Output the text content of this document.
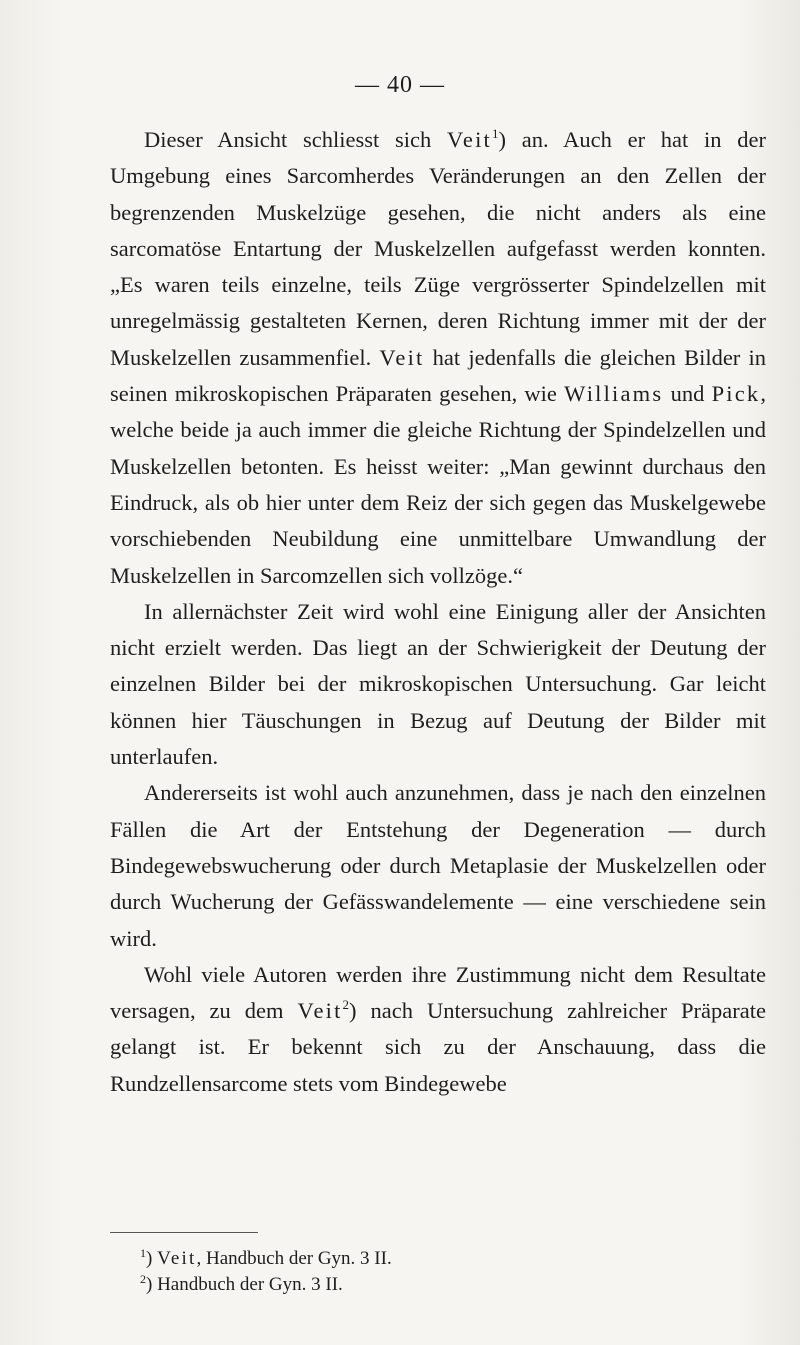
— 40 —

Dieser Ansicht schliesst sich Veit$^1$) an. Auch er hat in der Umgebung eines Sarcomherdes Veränderungen an den Zellen der begrenzenden Muskelzüge gesehen, die nicht anders als eine sarcomatöse Entartung der Muskelzellen aufgefasst werden konnten. „Es waren teils einzelne, teils Züge vergrösserter Spindelzellen mit unregelmässig gestalteten Kernen, deren Richtung immer mit der der Muskelzellen zusammenfiel. Veit hat jedenfalls die gleichen Bilder in seinen mikroskopischen Präparaten gesehen, wie Williams und Pick, welche beide ja auch immer die gleiche Richtung der Spindelzellen und Muskelzellen betonten. Es heisst weiter: „Man gewinnt durchaus den Eindruck, als ob hier unter dem Reiz der sich gegen das Muskelgewebe vorschiebenden Neubildung eine unmittelbare Umwandlung der Muskelzellen in Sarcomzellen sich vollzöge.“

In allernächster Zeit wird wohl eine Einigung aller der Ansichten nicht erzielt werden. Das liegt an der Schwierigkeit der Deutung der einzelnen Bilder bei der mikroskopischen Untersuchung. Gar leicht können hier Täuschungen in Bezug auf Deutung der Bilder mit unterlaufen.

Andererseits ist wohl auch anzunehmen, dass je nach den einzelnen Fällen die Art der Entstehung der Degeneration — durch Bindegewebswucherung oder durch Metaplasie der Muskelzellen oder durch Wucherung der Gefässwandelemente — eine verschiedene sein wird.

Wohl viele Autoren werden ihre Zustimmung nicht dem Resultate versagen, zu dem Veit$^2$) nach Untersuchung zahlreicher Präparate gelangt ist. Er bekennt sich zu der Anschauung, dass die Rundzellensarcome stets vom Bindegewebe

$^1$) Veit, Handbuch der Gyn. 3 II.

$^2$) Handbuch der Gyn. 3 II.
